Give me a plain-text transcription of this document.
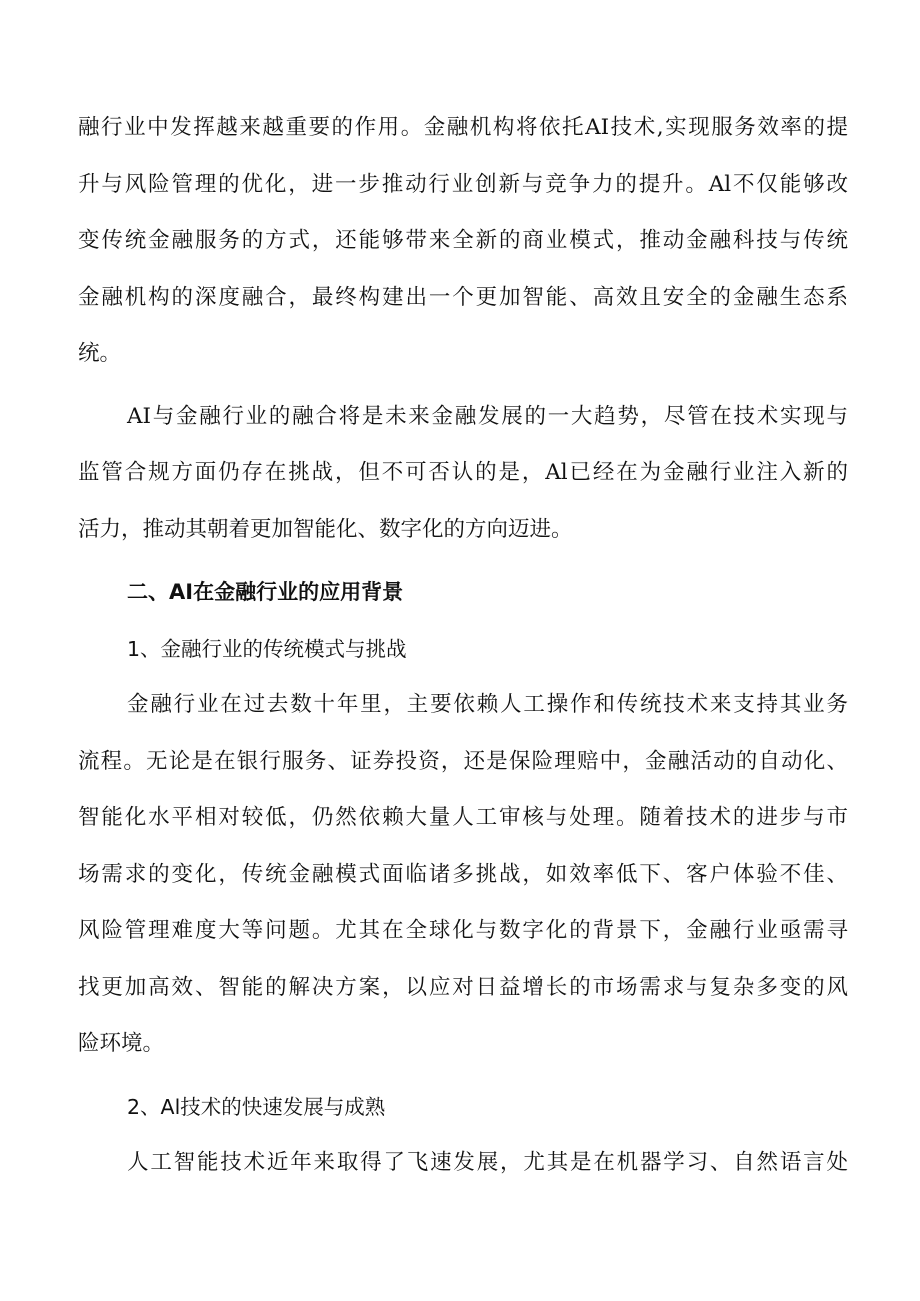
融行业中发挥越来越重要的作用。金融机构将依托AI技术,实现服务效率的提
升与风险管理的优化，进一步推动行业创新与竞争力的提升。Al不仅能够改
变传统金融服务的方式，还能够带来全新的商业模式，推动金融科技与传统
金融机构的深度融合，最终构建出一个更加智能、高效且安全的金融生态系
统。
AI与金融行业的融合将是未来金融发展的一大趋势，尽管在技术实现与
监管合规方面仍存在挑战，但不可否认的是，Al已经在为金融行业注入新的
活力，推动其朝着更加智能化、数字化的方向迈进。
二、AI在金融行业的应用背景
1、金融行业的传统模式与挑战
金融行业在过去数十年里，主要依赖人工操作和传统技术来支持其业务
流程。无论是在银行服务、证券投资，还是保险理赔中，金融活动的自动化、
智能化水平相对较低，仍然依赖大量人工审核与处理。随着技术的进步与市
场需求的变化，传统金融模式面临诸多挑战，如效率低下、客户体验不佳、
风险管理难度大等问题。尤其在全球化与数字化的背景下，金融行业亟需寻
找更加高效、智能的解决方案，以应对日益增长的市场需求与复杂多变的风
险环境。
2、Al技术的快速发展与成熟
人工智能技术近年来取得了飞速发展，尤其是在机器学习、自然语言处
